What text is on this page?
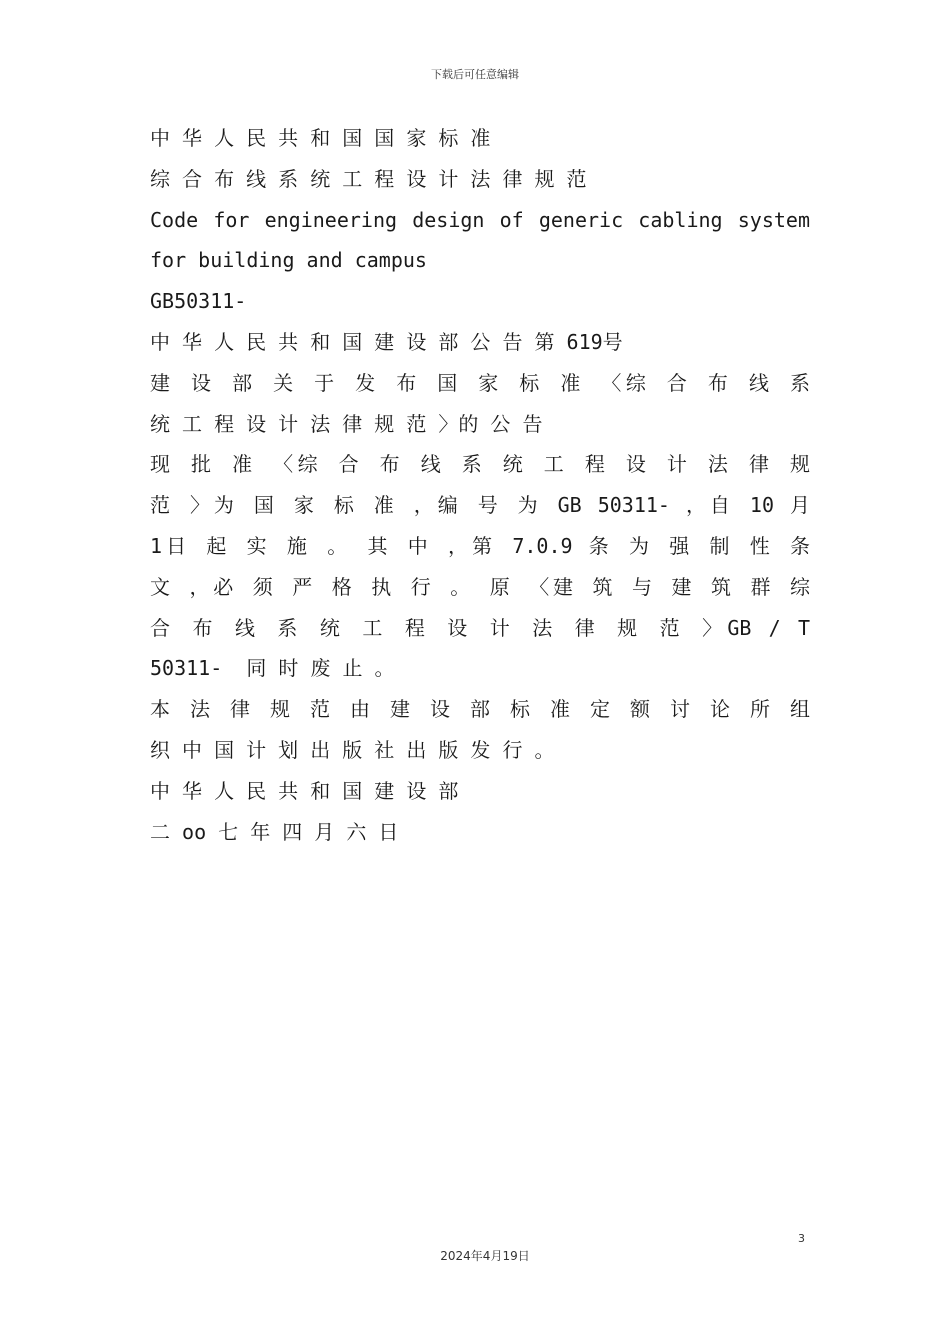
下载后可任意编辑
中 华 人 民 共 和 国 国 家 标 准
综 合 布 线 系 统 工 程 设 计 法 律 规 范
Code for engineering design of generic cabling system
for building and campus
GB50311-
中 华 人 民 共 和 国 建 设 部 公 告 第 619号
建 设 部 关 于 发 布 国 家 标 准 〈综 合 布 线 系
统 工 程 设 计 法 律 规 范 〉的 公 告
现 批 准 〈综 合 布 线 系 统 工 程 设 计 法 律 规
范 〉为 国 家 标 准 ，编 号 为 GB 50311- ，自 10 月
1日 起 实 施 。 其 中 ，第 7.0.9 条 为 强 制 性 条
文 ，必 须 严 格 执 行 。 原 〈建 筑 与 建 筑 群 综
合 布 线 系 统 工 程 设 计 法 律 规 范 〉GB / T
50311-  同 时 废 止 。
本 法 律 规 范 由 建 设 部 标 准 定 额 讨 论 所 组
织 中 国 计 划 出 版 社 出 版 发 行 。
中 华 人 民 共 和 国 建 设 部
二 oo 七 年 四 月 六 日
3
2024年4月19日
